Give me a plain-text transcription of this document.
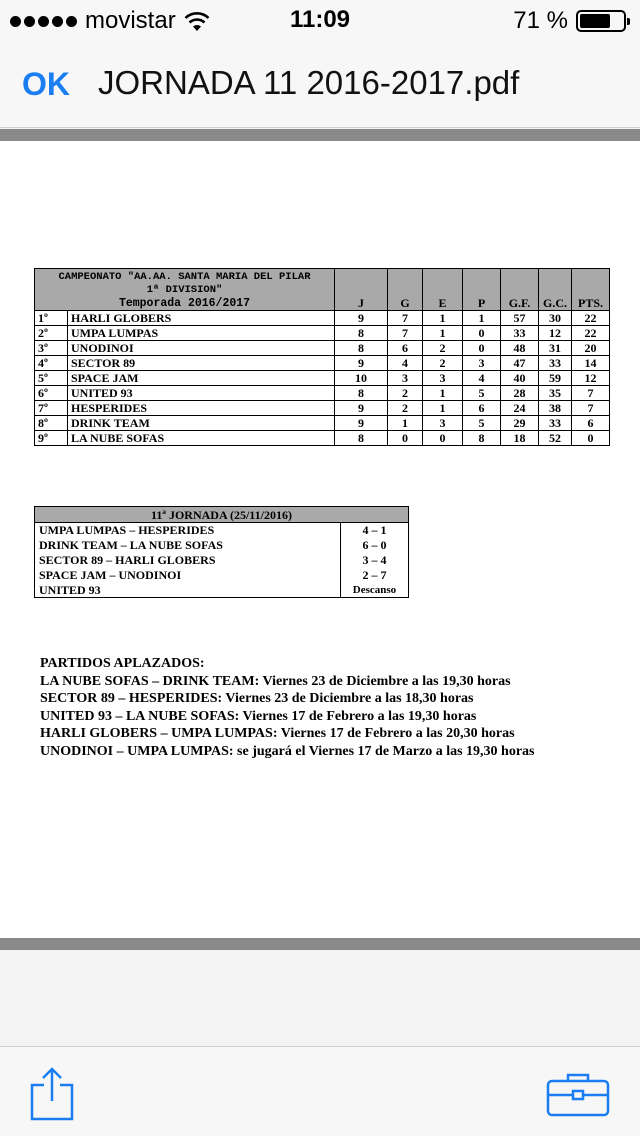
movistar	11:09	71 %
OK JORNADA 11 2016-2017.pdf
CAMPEONATO "AA.AA. SANTA MARIA DEL PILAR
1ª DIVISION"
Temporada 2016/2017		J	G	E	P	G.F.	G.C.	PTS.
1º	HARLI GLOBERS	9	7	1	1	57	30	22
2º	UMPA LUMPAS	8	7	1	0	33	12	22
3º	UNODINOI	8	6	2	0	48	31	20
4º	SECTOR 89	9	4	2	3	47	33	14
5º	SPACE JAM	10	3	3	4	40	59	12
6º	UNITED 93	8	2	1	5	28	35	7
7º	HESPERIDES	9	2	1	6	24	38	7
8º	DRINK TEAM	9	1	3	5	29	33	6
9º	LA NUBE SOFAS	8	0	0	8	18	52	0
11ª JORNADA (25/11/2016)	
UMPA LUMPAS – HESPERIDES	4 – 1
DRINK TEAM – LA NUBE SOFAS	6 – 0
SECTOR 89 – HARLI GLOBERS	3 – 4
SPACE JAM – UNODINOI	2 – 7
UNITED 93	Descanso
PARTIDOS APLAZADOS:
LA NUBE SOFAS – DRINK TEAM: Viernes 23 de Diciembre a las 19,30 horas
SECTOR 89 – HESPERIDES: Viernes 23 de Diciembre a las 18,30 horas
UNITED 93 – LA NUBE SOFAS: Viernes 17 de Febrero a las 19,30 horas
HARLI GLOBERS – UMPA LUMPAS: Viernes 17 de Febrero a las 20,30 horas
UNODINOI – UMPA LUMPAS: se jugará el Viernes 17 de Marzo a las 19,30 horas
